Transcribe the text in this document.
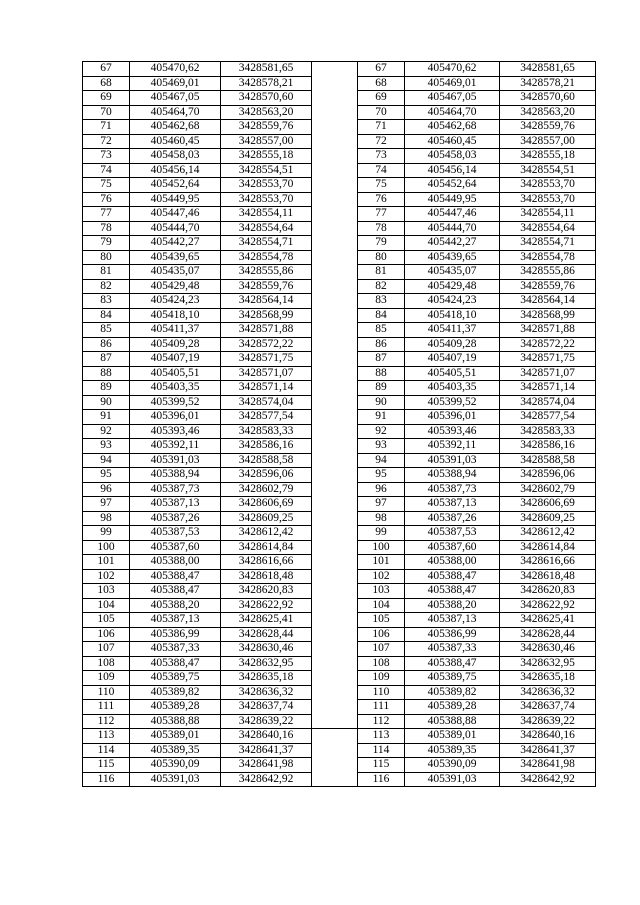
67	405470,62	3428581,65		67	405470,62	3428581,65
68	405469,01	3428578,21		68	405469,01	3428578,21
69	405467,05	3428570,60		69	405467,05	3428570,60
70	405464,70	3428563,20		70	405464,70	3428563,20
71	405462,68	3428559,76		71	405462,68	3428559,76
72	405460,45	3428557,00		72	405460,45	3428557,00
73	405458,03	3428555,18		73	405458,03	3428555,18
74	405456,14	3428554,51		74	405456,14	3428554,51
75	405452,64	3428553,70		75	405452,64	3428553,70
76	405449,95	3428553,70		76	405449,95	3428553,70
77	405447,46	3428554,11		77	405447,46	3428554,11
78	405444,70	3428554,64		78	405444,70	3428554,64
79	405442,27	3428554,71		79	405442,27	3428554,71
80	405439,65	3428554,78		80	405439,65	3428554,78
81	405435,07	3428555,86		81	405435,07	3428555,86
82	405429,48	3428559,76		82	405429,48	3428559,76
83	405424,23	3428564,14		83	405424,23	3428564,14
84	405418,10	3428568,99		84	405418,10	3428568,99
85	405411,37	3428571,88		85	405411,37	3428571,88
86	405409,28	3428572,22		86	405409,28	3428572,22
87	405407,19	3428571,75		87	405407,19	3428571,75
88	405405,51	3428571,07		88	405405,51	3428571,07
89	405403,35	3428571,14		89	405403,35	3428571,14
90	405399,52	3428574,04		90	405399,52	3428574,04
91	405396,01	3428577,54		91	405396,01	3428577,54
92	405393,46	3428583,33		92	405393,46	3428583,33
93	405392,11	3428586,16		93	405392,11	3428586,16
94	405391,03	3428588,58		94	405391,03	3428588,58
95	405388,94	3428596,06		95	405388,94	3428596,06
96	405387,73	3428602,79		96	405387,73	3428602,79
97	405387,13	3428606,69		97	405387,13	3428606,69
98	405387,26	3428609,25		98	405387,26	3428609,25
99	405387,53	3428612,42		99	405387,53	3428612,42
100	405387,60	3428614,84		100	405387,60	3428614,84
101	405388,00	3428616,66		101	405388,00	3428616,66
102	405388,47	3428618,48		102	405388,47	3428618,48
103	405388,47	3428620,83		103	405388,47	3428620,83
104	405388,20	3428622,92		104	405388,20	3428622,92
105	405387,13	3428625,41		105	405387,13	3428625,41
106	405386,99	3428628,44		106	405386,99	3428628,44
107	405387,33	3428630,46		107	405387,33	3428630,46
108	405388,47	3428632,95		108	405388,47	3428632,95
109	405389,75	3428635,18		109	405389,75	3428635,18
110	405389,82	3428636,32		110	405389,82	3428636,32
111	405389,28	3428637,74		111	405389,28	3428637,74
112	405388,88	3428639,22		112	405388,88	3428639,22
113	405389,01	3428640,16		113	405389,01	3428640,16
114	405389,35	3428641,37		114	405389,35	3428641,37
115	405390,09	3428641,98		115	405390,09	3428641,98
116	405391,03	3428642,92		116	405391,03	3428642,92
